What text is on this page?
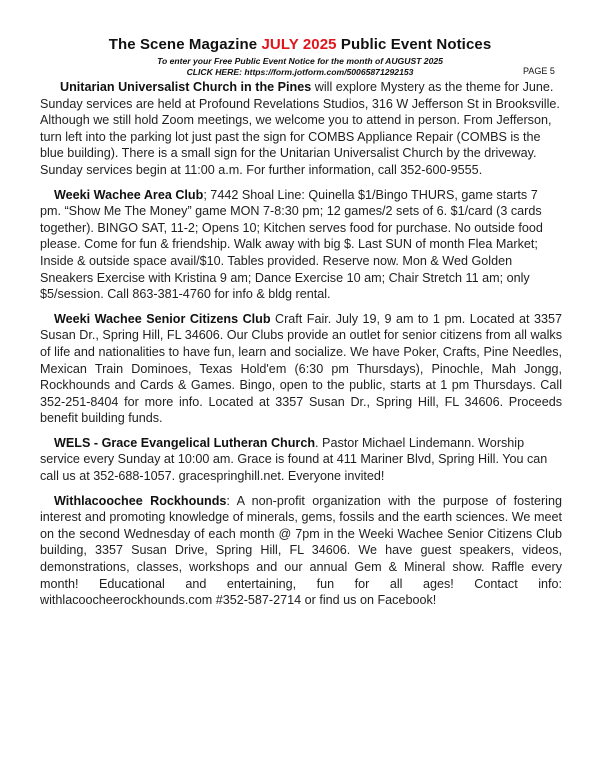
The Scene Magazine JULY 2025 Public Event Notices
To enter your Free Public Event Notice for the month of AUGUST 2025
CLICK HERE: https://form.jotform.com/50065871292153	PAGE 5

Unitarian Universalist Church in the Pines will explore Mystery as the theme for June. Sunday services are held at Profound Revelations Studios, 316 W Jefferson St in Brooksville. Although we still hold Zoom meetings, we welcome you to attend in person. From Jefferson, turn left into the parking lot just past the sign for COMBS Appliance Repair (COMBS is the blue building). There is a small sign for the Unitarian Universalist Church by the driveway. Sunday services begin at 11:00 a.m. For further information, call 352-600-9555.

Weeki Wachee Area Club; 7442 Shoal Line: Quinella $1/Bingo THURS, game starts 7 pm. “Show Me The Money” game MON 7-8:30 pm; 12 games/2 sets of 6. $1/card (3 cards together). BINGO SAT, 11-2; Opens 10; Kitchen serves food for purchase. No outside food please. Come for fun & friendship. Walk away with big $. Last SUN of month Flea Market; Inside & outside space avail/$10. Tables provided. Reserve now. Mon & Wed Golden Sneakers Exercise with Kristina 9 am; Dance Exercise 10 am; Chair Stretch 11 am; only $5/session. Call 863-381-4760 for info & bldg rental.

Weeki Wachee Senior Citizens Club Craft Fair. July 19, 9 am to 1 pm. Located at 3357 Susan Dr., Spring Hill, FL 34606. Our Clubs provide an outlet for senior citizens from all walks of life and nationalities to have fun, learn and socialize. We have Poker, Crafts, Pine Needles, Mexican Train Dominoes, Texas Hold'em (6:30 pm Thursdays), Pinochle, Mah Jongg, Rockhounds and Cards & Games. Bingo, open to the public, starts at 1 pm Thursdays. Call 352-251-8404 for more info. Located at 3357 Susan Dr., Spring Hill, FL 34606. Proceeds benefit building funds.

WELS - Grace Evangelical Lutheran Church. Pastor Michael Lindemann. Worship service every Sunday at 10:00 am. Grace is found at 411 Mariner Blvd, Spring Hill. You can call us at 352-688-1057. gracespringhill.net. Everyone invited!

Withlacoochee Rockhounds: A non-profit organization with the purpose of fostering interest and promoting knowledge of minerals, gems, fossils and the earth sciences. We meet on the second Wednesday of each month @ 7pm in the Weeki Wachee Senior Citizens Club building, 3357 Susan Drive, Spring Hill, FL 34606. We have guest speakers, videos, demonstrations, classes, workshops and our annual Gem & Mineral show. Raffle every month! Educational and entertaining, fun for all ages! Contact info: withlacoocheerockhounds.com #352-587-2714 or find us on Facebook!
